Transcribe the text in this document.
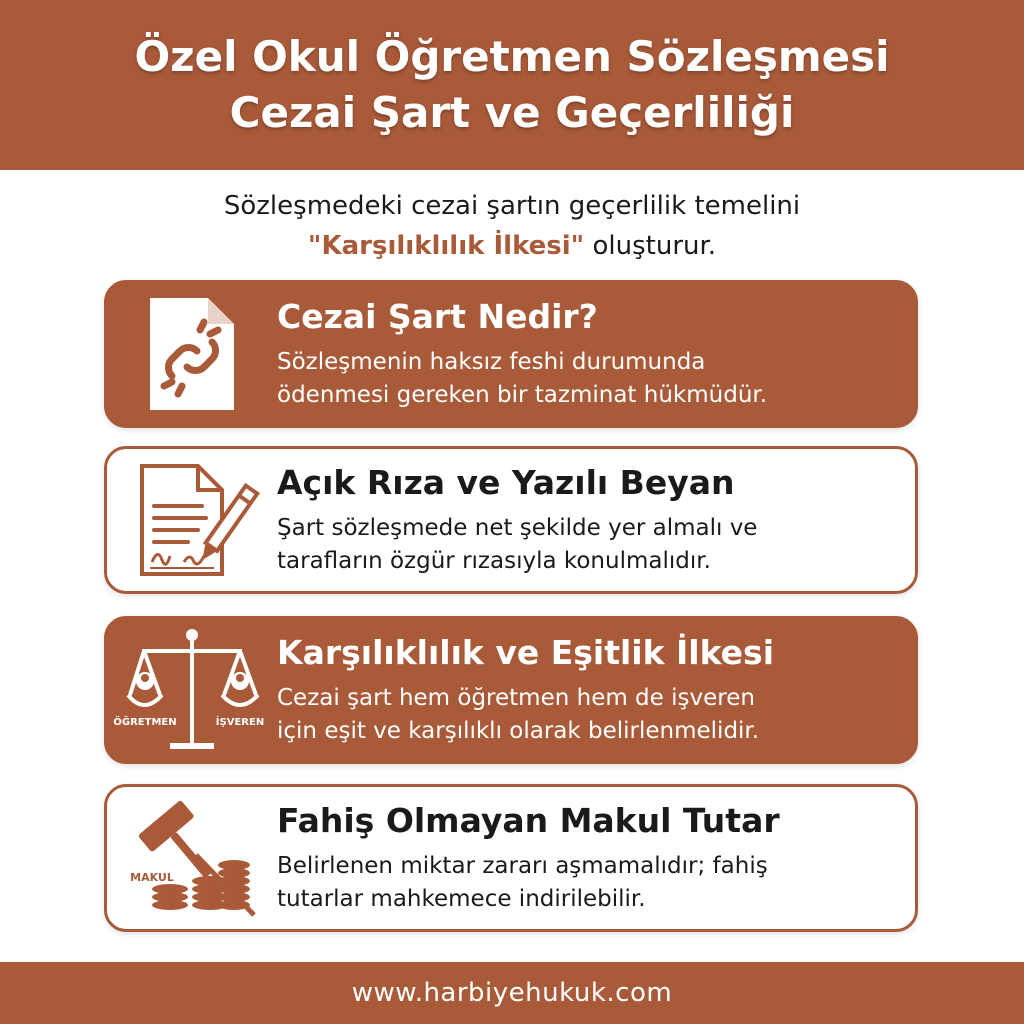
Özel Okul Öğretmen Sözleşmesi
Cezai Şart ve Geçerliliği
Sözleşmedeki cezai şartın geçerlilik temelini
"Karşılıklılık İlkesi" oluşturur.
Cezai Şart Nedir?
Sözleşmenin haksız feshi durumunda
ödenmesi gereken bir tazminat hükmüdür.
Açık Rıza ve Yazılı Beyan
Şart sözleşmede net şekilde yer almalı ve
tarafların özgür rızasıyla konulmalıdır.
ÖĞRETMEN	İŞVEREN
Karşılıklılık ve Eşitlik İlkesi
Cezai şart hem öğretmen hem de işveren
için eşit ve karşılıklı olarak belirlenmelidir.
MAKUL
Fahiş Olmayan Makul Tutar
Belirlenen miktar zararı aşmamalıdır; fahiş
tutarlar mahkemece indirilebilir.
www.harbiyehukuk.com
